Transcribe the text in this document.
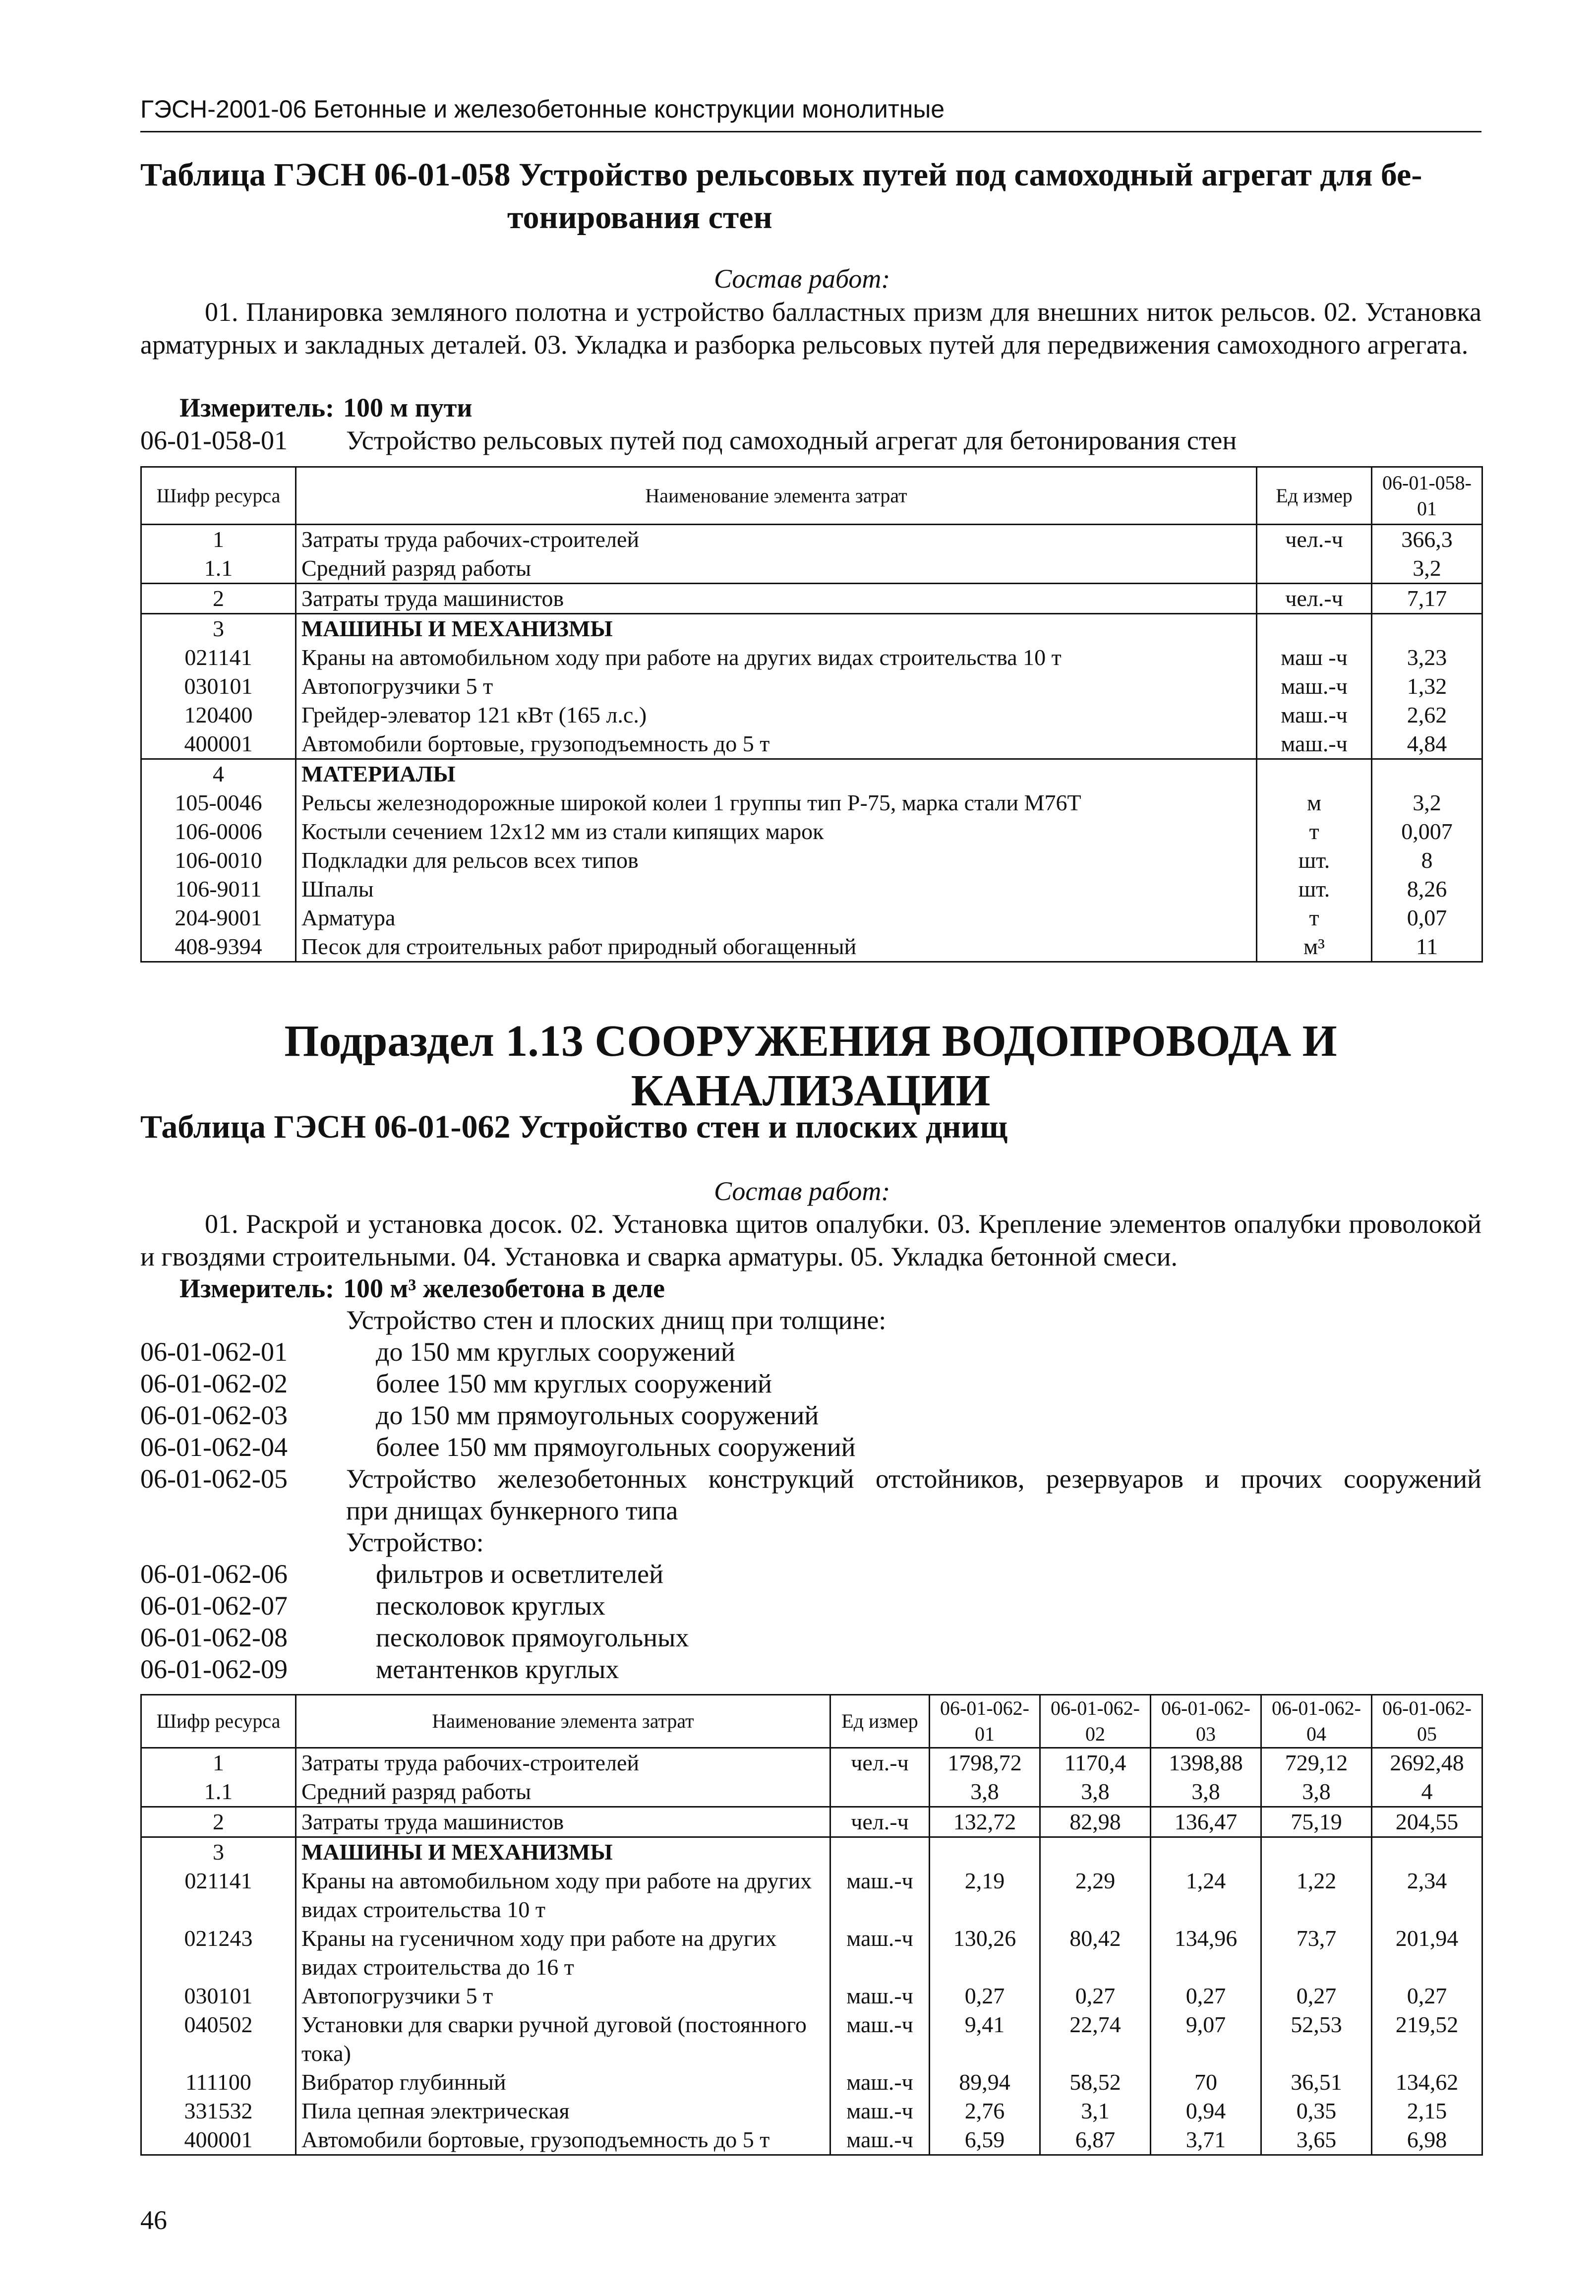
ГЭСН-2001-06 Бетонные и железобетонные конструкции монолитные
Таблица ГЭСН 06-01-058 Устройство рельсовых путей под самоходный агрегат для бе-
тонирования стен
Состав работ:
01. Планировка земляного полотна и устройство балластных призм для внешних ниток рельсов. 02. Установка арматурных и закладных деталей. 03. Укладка и разборка рельсовых путей для передвижения самоходного агрегата.
Измеритель: 100 м пути
06-01-058-01 Устройство рельсовых путей под самоходный агрегат для бетонирования стен
Шифр ресурса	Наименование элемента затрат	Ед измер	06-01-058-01
1	Затраты труда рабочих-строителей	чел.-ч	366,3
1.1	Средний разряд работы		3,2
2	Затраты труда машинистов	чел.-ч	7,17
3	МАШИНЫ И МЕХАНИЗМЫ		
021141	Краны на автомобильном ходу при работе на других видах строительства 10 т	маш -ч	3,23
030101	Автопогрузчики 5 т	маш.-ч	1,32
120400	Грейдер-элеватор 121 кВт (165 л.с.)	маш.-ч	2,62
400001	Автомобили бортовые, грузоподъемность до 5 т	маш.-ч	4,84
4	МАТЕРИАЛЫ		
105-0046	Рельсы железнодорожные широкой колеи 1 группы тип Р-75, марка стали М76Т	м	3,2
106-0006	Костыли сечением 12х12 мм из стали кипящих марок	т	0,007
106-0010	Подкладки для рельсов всех типов	шт.	8
106-9011	Шпалы	шт.	8,26
204-9001	Арматура	т	0,07
408-9394	Песок для строительных работ природный обогащенный	м³	11
Подраздел 1.13 СООРУЖЕНИЯ ВОДОПРОВОДА И КАНАЛИЗАЦИИ
Таблица ГЭСН 06-01-062 Устройство стен и плоских днищ
Состав работ:
01. Раскрой и установка досок. 02. Установка щитов опалубки. 03. Крепление элементов опалубки проволокой и гвоздями строительными. 04. Установка и сварка арматуры. 05. Укладка бетонной смеси.
Измеритель: 100 м³ железобетона в деле
Устройство стен и плоских днищ при толщине:
06-01-062-01	до 150 мм круглых сооружений
06-01-062-02	более 150 мм круглых сооружений
06-01-062-03	до 150 мм прямоугольных сооружений
06-01-062-04	более 150 мм прямоугольных сооружений
06-01-062-05 Устройство железобетонных конструкций отстойников, резервуаров и прочих сооружений
при днищах бункерного типа
Устройство:
06-01-062-06	фильтров и осветлителей
06-01-062-07	песколовок круглых
06-01-062-08	песколовок прямоугольных
06-01-062-09	метантенков круглых
Шифр ресурса	Наименование элемента затрат	Ед измер	06-01-062-01	06-01-062-02	06-01-062-03	06-01-062-04	06-01-062-05
1	Затраты труда рабочих-строителей	чел.-ч	1798,72	1170,4	1398,88	729,12	2692,48
1.1	Средний разряд работы		3,8	3,8	3,8	3,8	4
2	Затраты труда машинистов	чел.-ч	132,72	82,98	136,47	75,19	204,55
3	МАШИНЫ И МЕХАНИЗМЫ						
021141	Краны на автомобильном ходу при работе на других видах строительства 10 т	маш.-ч	2,19	2,29	1,24	1,22	2,34
021243	Краны на гусеничном ходу при работе на других видах строительства до 16 т	маш.-ч	130,26	80,42	134,96	73,7	201,94
030101	Автопогрузчики 5 т	маш.-ч	0,27	0,27	0,27	0,27	0,27
040502	Установки для сварки ручной дуговой (постоянного тока)	маш.-ч	9,41	22,74	9,07	52,53	219,52
111100	Вибратор глубинный	маш.-ч	89,94	58,52	70	36,51	134,62
331532	Пила цепная электрическая	маш.-ч	2,76	3,1	0,94	0,35	2,15
400001	Автомобили бортовые, грузоподъемность до 5 т	маш.-ч	6,59	6,87	3,71	3,65	6,98
46
